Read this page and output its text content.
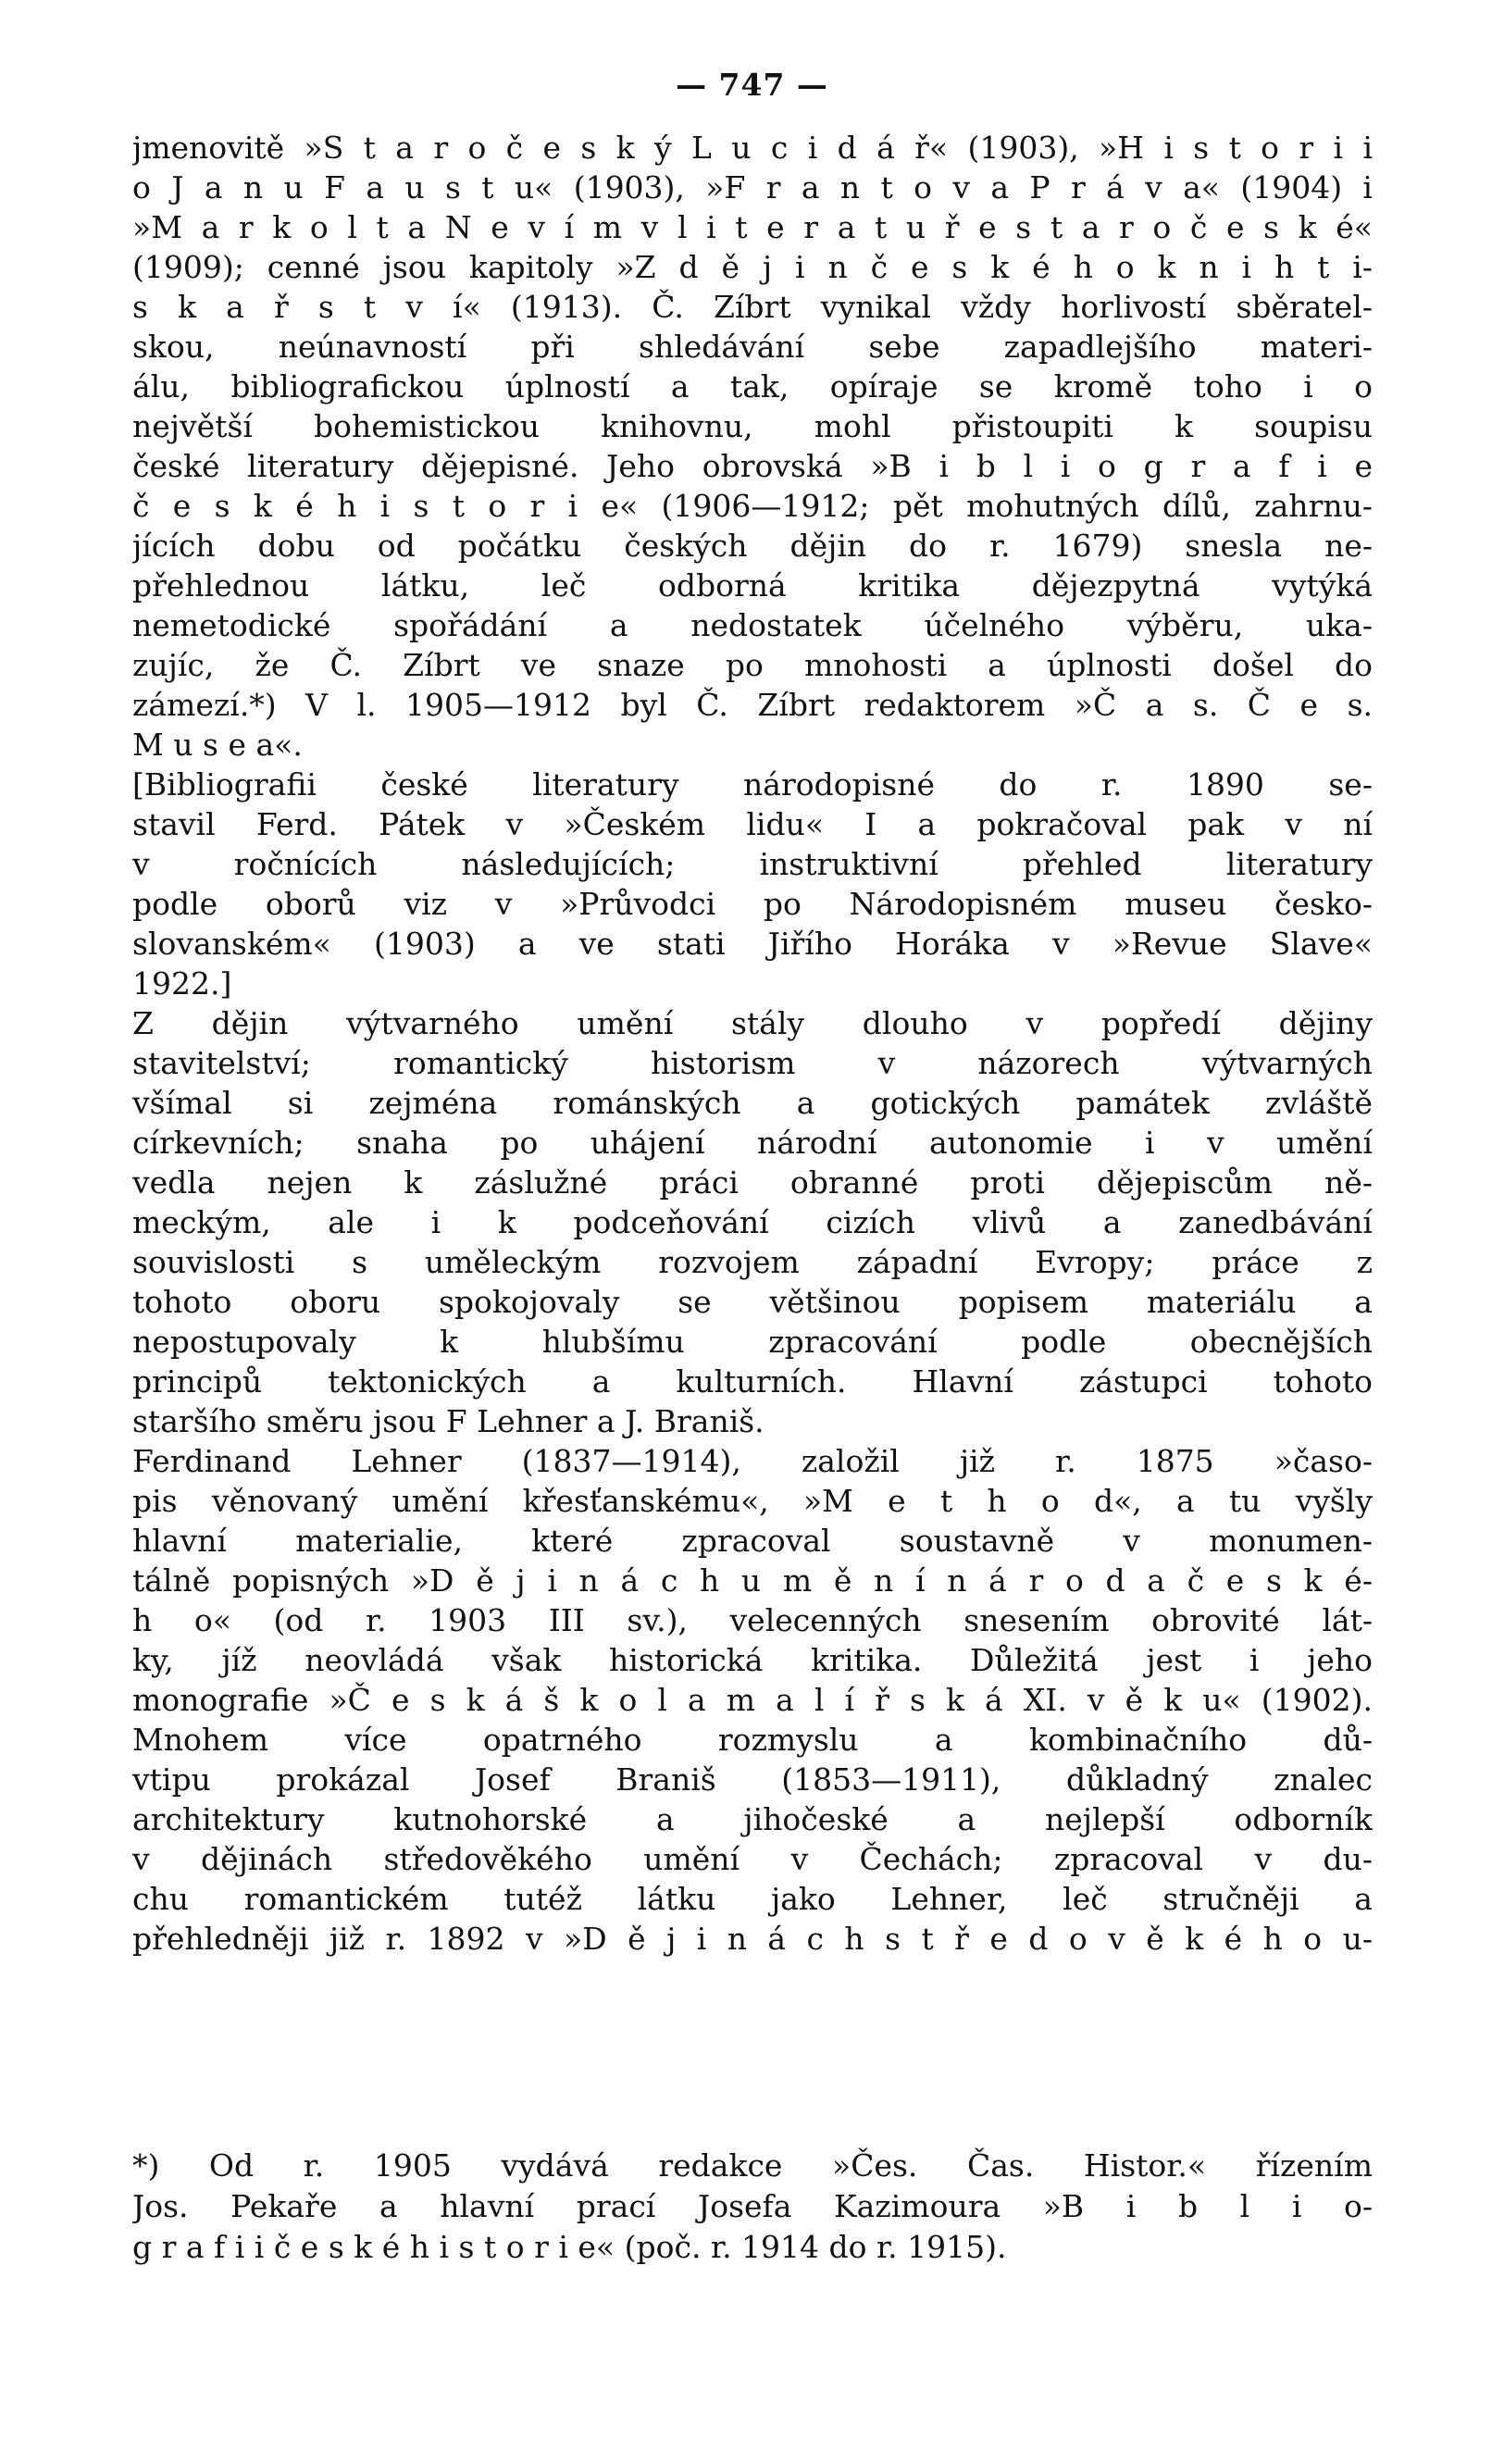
— 747 —
jmenovitě »S t a r o č e s k ý L u c i d á ř« (1903), »H i s t o r i i
o J a n u F a u s t u« (1903), »F r a n t o v a P r á v a« (1904) i
»M a r k o l t a N e v í m v l i t e r a t u ř e s t a r o č e s k é«
(1909); cenné jsou kapitoly »Z d ě j i n č e s k é h o k n i h t i-
s k a ř s t v í« (1913). Č. Zíbrt vynikal vždy horlivostí sběratel-
skou, neúnavností při shledávání sebe zapadlejšího materi-
álu, bibliografickou úplností a tak, opíraje se kromě toho i o
největší bohemistickou knihovnu, mohl přistoupiti k soupisu
české literatury dějepisné. Jeho obrovská »B i b l i o g r a f i e
č e s k é h i s t o r i e« (1906—1912; pět mohutných dílů, zahrnu-
jících dobu od počátku českých dějin do r. 1679) snesla ne-
přehlednou látku, leč odborná kritika dějezpytná vytýká
nemetodické spořádání a nedostatek účelného výběru, uka-
zujíc, že Č. Zíbrt ve snaze po mnohosti a úplnosti došel do
zámezí.*) V l. 1905—1912 byl Č. Zíbrt redaktorem »Č a s. Č e s.
M u s e a«.
[Bibliografii české literatury národopisné do r. 1890 se-
stavil Ferd. Pátek v »Českém lidu« I a pokračoval pak v ní
v ročnících následujících; instruktivní přehled literatury
podle oborů viz v »Průvodci po Národopisném museu česko-
slovanském« (1903) a ve stati Jiřího Horáka v »Revue Slave«
1922.]
Z dějin výtvarného umění stály dlouho v popředí dějiny
stavitelství; romantický historism v názorech výtvarných
všímal si zejména románských a gotických památek zvláště
církevních; snaha po uhájení národní autonomie i v umění
vedla nejen k záslužné práci obranné proti dějepiscům ně-
meckým, ale i k podceňování cizích vlivů a zanedbávání
souvislosti s uměleckým rozvojem západní Evropy; práce z
tohoto oboru spokojovaly se většinou popisem materiálu a
nepostupovaly k hlubšímu zpracování podle obecnějších
principů tektonických a kulturních. Hlavní zástupci tohoto
staršího směru jsou F Lehner a J. Braniš.
Ferdinand Lehner (1837—1914), založil již r. 1875 »časo-
pis věnovaný umění křesťanskému«, »M e t h o d«, a tu vyšly
hlavní materialie, které zpracoval soustavně v monumen-
tálně popisných »D ě j i n á c h u m ě n í n á r o d a č e s k é-
h o« (od r. 1903 III sv.), velecenných snesením obrovité lát-
ky, jíž neovládá však historická kritika. Důležitá jest i jeho
monografie »Č e s k á š k o l a m a l í ř s k á XI. v ě k u« (1902).
Mnohem více opatrného rozmyslu a kombinačního dů-
vtipu prokázal Josef Braniš (1853—1911), důkladný znalec
architektury kutnohorské a jihočeské a nejlepší odborník
v dějinách středověkého umění v Čechách; zpracoval v du-
chu romantickém tutéž látku jako Lehner, leč stručněji a
přehledněji již r. 1892 v »D ě j i n á c h s t ř e d o v ě k é h o u-
*) Od r. 1905 vydává redakce »Čes. Čas. Histor.« řízením
Jos. Pekaře a hlavní prací Josefa Kazimoura »B i b l i o-
g r a f i i č e s k é h i s t o r i e« (poč. r. 1914 do r. 1915).
